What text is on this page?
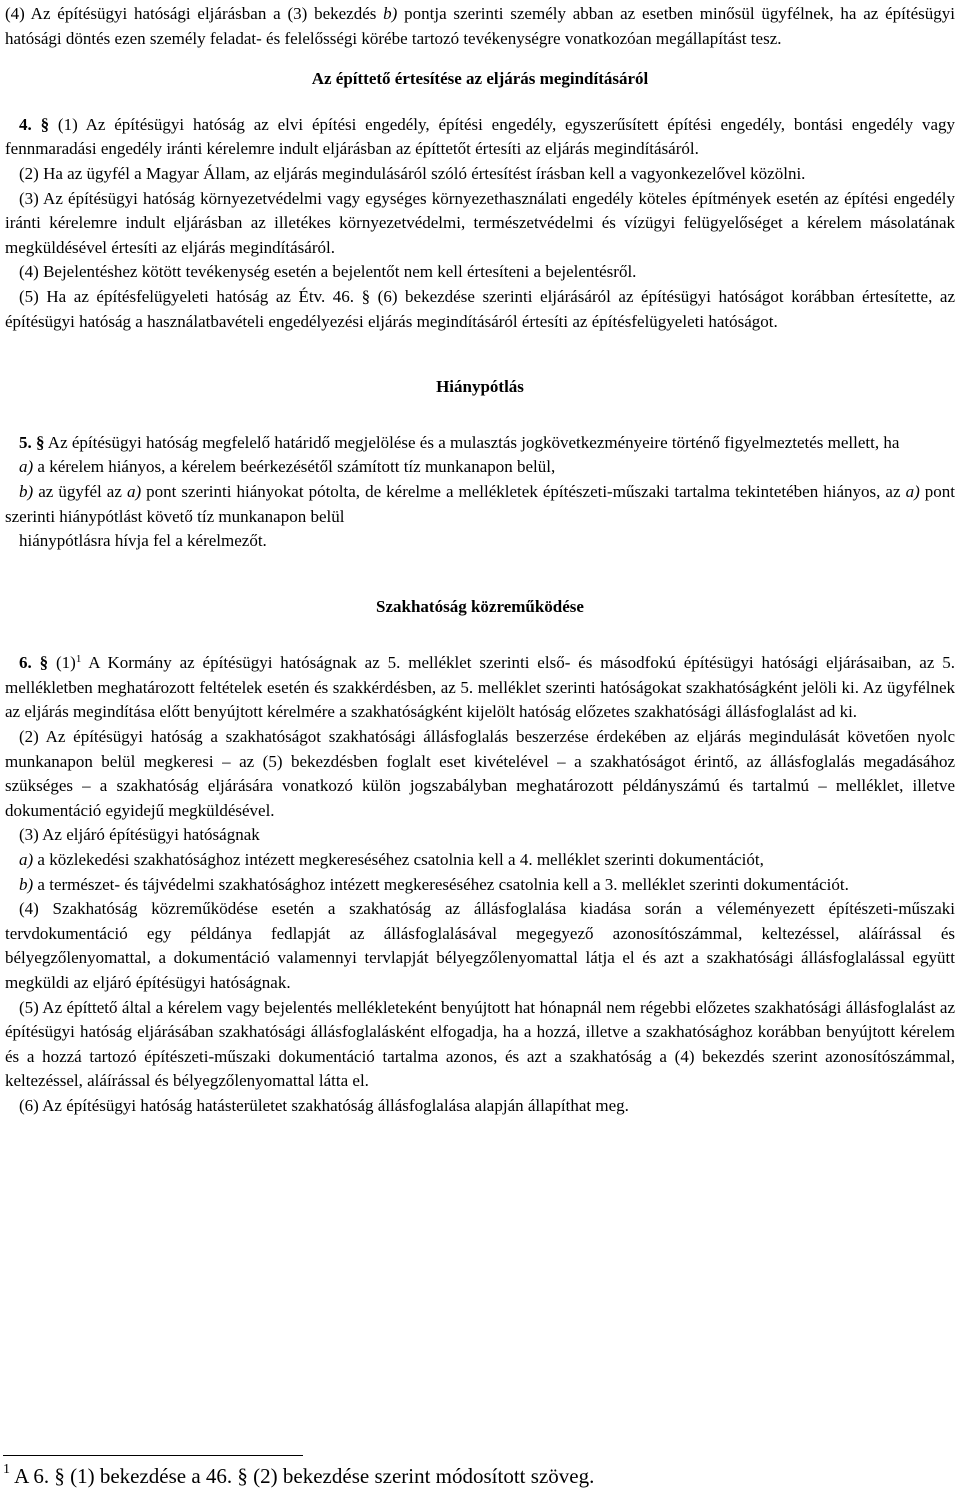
(4) Az építésügyi hatósági eljárásban a (3) bekezdés b) pontja szerinti személy abban az esetben minősül ügyfélnek, ha az építésügyi hatósági döntés ezen személy feladat- és felelősségi körébe tartozó tevékenységre vonatkozóan megállapítást tesz.

Az építtető értesítése az eljárás megindításáról

4. § (1) Az építésügyi hatóság az elvi építési engedély, építési engedély, egyszerűsített építési engedély, bontási engedély vagy fennmaradási engedély iránti kérelemre indult eljárásban az építtetőt értesíti az eljárás megindításáról.

(2) Ha az ügyfél a Magyar Állam, az eljárás megindulásáról szóló értesítést írásban kell a vagyonkezelővel közölni.

(3) Az építésügyi hatóság környezetvédelmi vagy egységes környezethasználati engedély köteles építmények esetén az építési engedély iránti kérelemre indult eljárásban az illetékes környezetvédelmi, természetvédelmi és vízügyi felügyelőséget a kérelem másolatának megküldésével értesíti az eljárás megindításáról.

(4) Bejelentéshez kötött tevékenység esetén a bejelentőt nem kell értesíteni a bejelentésről.

(5) Ha az építésfelügyeleti hatóság az Étv. 46. § (6) bekezdése szerinti eljárásáról az építésügyi hatóságot korábban értesítette, az építésügyi hatóság a használatbavételi engedélyezési eljárás megindításáról értesíti az építésfelügyeleti hatóságot.

Hiánypótlás

5. § Az építésügyi hatóság megfelelő határidő megjelölése és a mulasztás jogkövetkezményeire történő figyelmeztetés mellett, ha

a) a kérelem hiányos, a kérelem beérkezésétől számított tíz munkanapon belül,

b) az ügyfél az a) pont szerinti hiányokat pótolta, de kérelme a mellékletek építészeti-műszaki tartalma tekintetében hiányos, az a) pont szerinti hiánypótlást követő tíz munkanapon belül

hiánypótlásra hívja fel a kérelmezőt.

Szakhatóság közreműködése

6. § $(1)^1$ A Kormány az építésügyi hatóságnak az 5. melléklet szerinti első- és másodfokú építésügyi hatósági eljárásaiban, az 5. mellékletben meghatározott feltételek esetén és szakkérdésben, az 5. melléklet szerinti hatóságokat szakhatóságként jelöli ki. Az ügyfélnek az eljárás megindítása előtt benyújtott kérelmére a szakhatóságként kijelölt hatóság előzetes szakhatósági állásfoglalást ad ki.

(2) Az építésügyi hatóság a szakhatóságot szakhatósági állásfoglalás beszerzése érdekében az eljárás megindulását követően nyolc munkanapon belül megkeresi – az (5) bekezdésben foglalt eset kivételével – a szakhatóságot érintő, az állásfoglalás megadásához szükséges – a szakhatóság eljárására vonatkozó külön jogszabályban meghatározott példányszámú és tartalmú – melléklet, illetve dokumentáció egyidejű megküldésével.

(3) Az eljáró építésügyi hatóságnak

a) a közlekedési szakhatósághoz intézett megkereséséhez csatolnia kell a 4. melléklet szerinti dokumentációt,

b) a természet- és tájvédelmi szakhatósághoz intézett megkereséséhez csatolnia kell a 3. melléklet szerinti dokumentációt.

(4) Szakhatóság közreműködése esetén a szakhatóság az állásfoglalása kiadása során a véleményezett építészeti-műszaki tervdokumentáció egy példánya fedlapját az állásfoglalásával megegyező azonosítószámmal, keltezéssel, aláírással és bélyegzőlenyomattal, a dokumentáció valamennyi tervlapját bélyegzőlenyomattal látja el és azt a szakhatósági állásfoglalással együtt megküldi az eljáró építésügyi hatóságnak.

(5) Az építtető által a kérelem vagy bejelentés mellékleteként benyújtott hat hónapnál nem régebbi előzetes szakhatósági állásfoglalást az építésügyi hatóság eljárásában szakhatósági állásfoglalásként elfogadja, ha a hozzá, illetve a szakhatósághoz korábban benyújtott kérelem és a hozzá tartozó építészeti-műszaki dokumentáció tartalma azonos, és azt a szakhatóság a (4) bekezdés szerint azonosítószámmal, keltezéssel, aláírással és bélyegzőlenyomattal látta el.

(6) Az építésügyi hatóság hatásterületet szakhatóság állásfoglalása alapján állapíthat meg.

$^1$ A 6. § (1) bekezdése a 46. § (2) bekezdése szerint módosított szöveg.
